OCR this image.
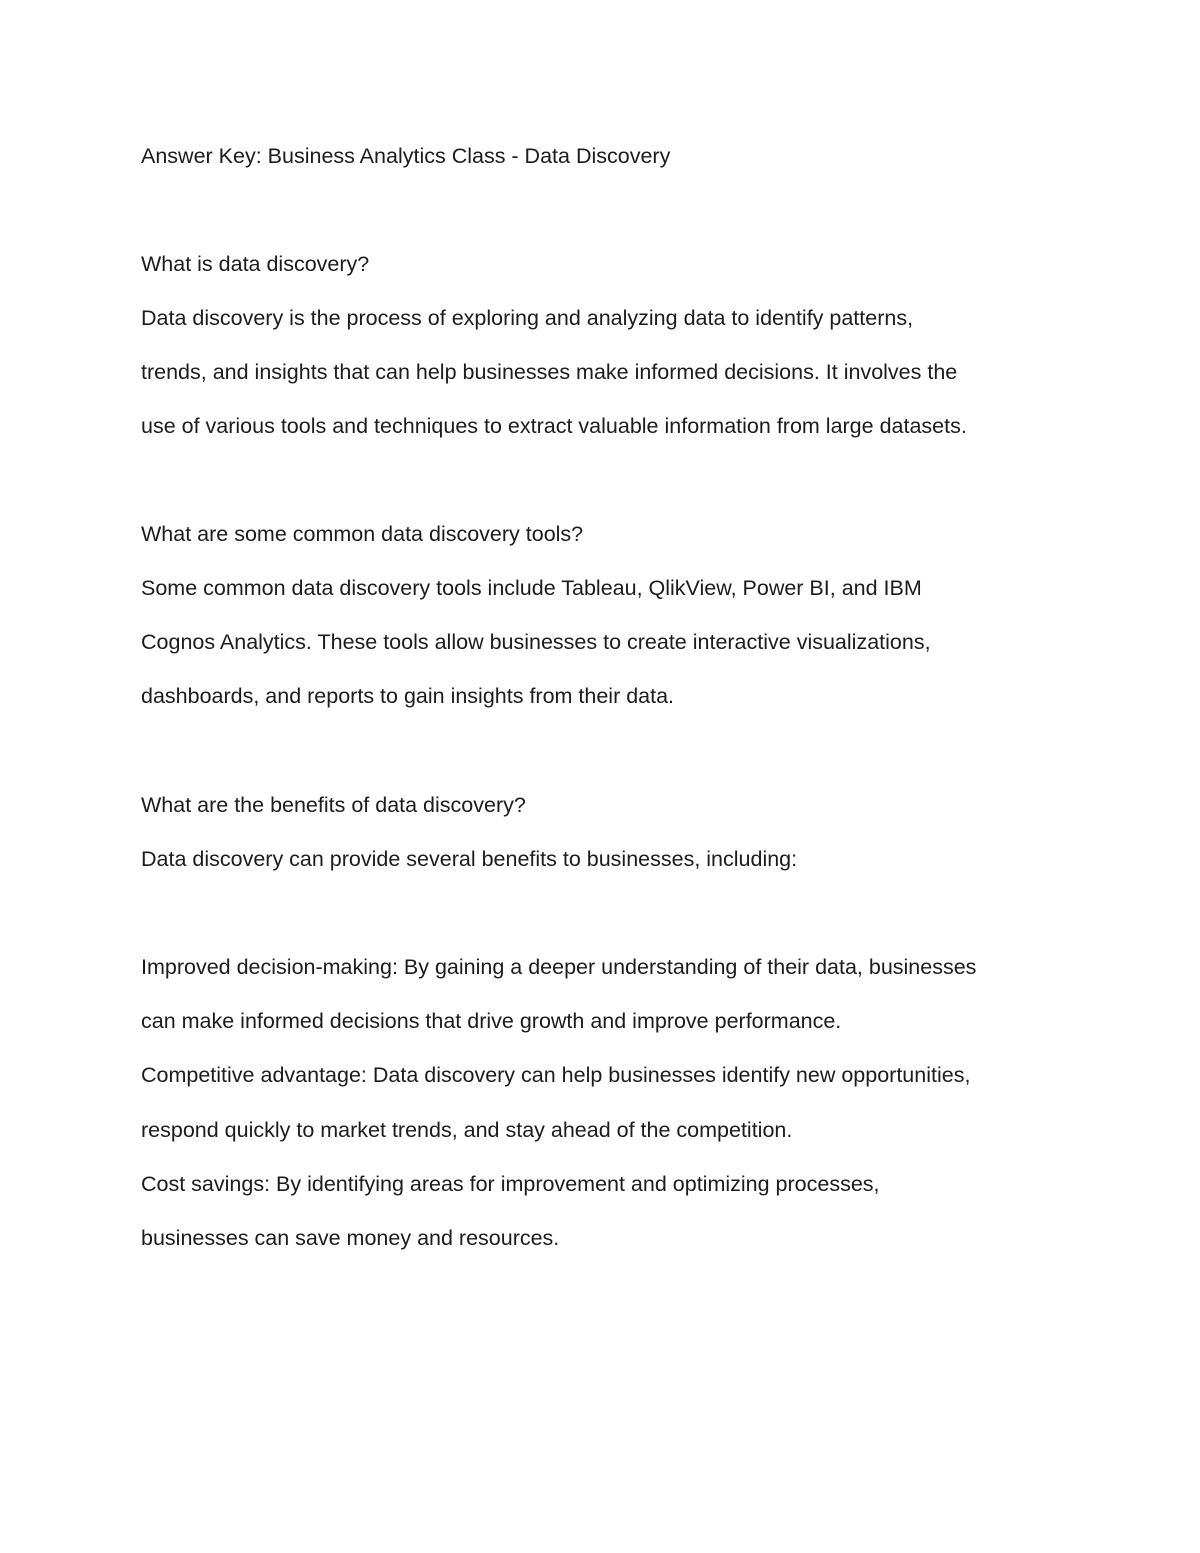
Answer Key: Business Analytics Class - Data Discovery
What is data discovery?
Data discovery is the process of exploring and analyzing data to identify patterns,
trends, and insights that can help businesses make informed decisions. It involves the
use of various tools and techniques to extract valuable information from large datasets.
What are some common data discovery tools?
Some common data discovery tools include Tableau, QlikView, Power BI, and IBM
Cognos Analytics. These tools allow businesses to create interactive visualizations,
dashboards, and reports to gain insights from their data.
What are the benefits of data discovery?
Data discovery can provide several benefits to businesses, including:
Improved decision-making: By gaining a deeper understanding of their data, businesses
can make informed decisions that drive growth and improve performance.
Competitive advantage: Data discovery can help businesses identify new opportunities,
respond quickly to market trends, and stay ahead of the competition.
Cost savings: By identifying areas for improvement and optimizing processes,
businesses can save money and resources.
